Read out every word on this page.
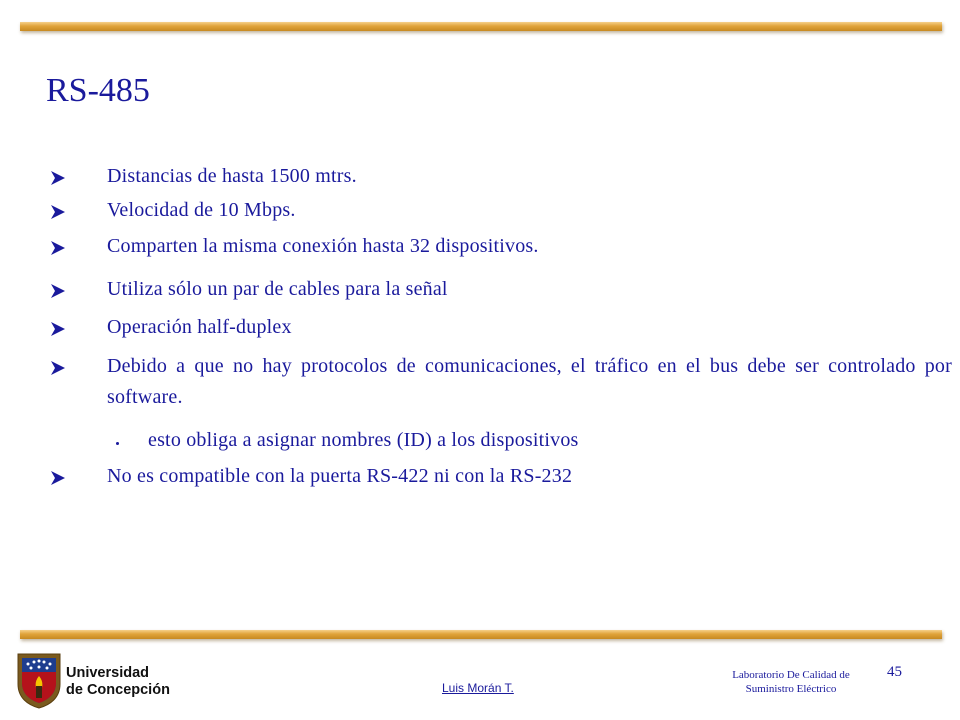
RS-485
Distancias de hasta 1500 mtrs.
Velocidad de 10 Mbps.
Comparten la misma conexión hasta 32 dispositivos.
Utiliza sólo un par de cables para la señal
Operación half-duplex
Debido a que no hay protocolos de comunicaciones, el tráfico en el bus debe ser controlado por software.
esto obliga a asignar nombres (ID) a los dispositivos
No es compatible con la puerta RS-422 ni con la RS-232
Universidad
de Concepción	Luis Morán T.
Laboratorio De Calidad de
Suministro Eléctrico
45
